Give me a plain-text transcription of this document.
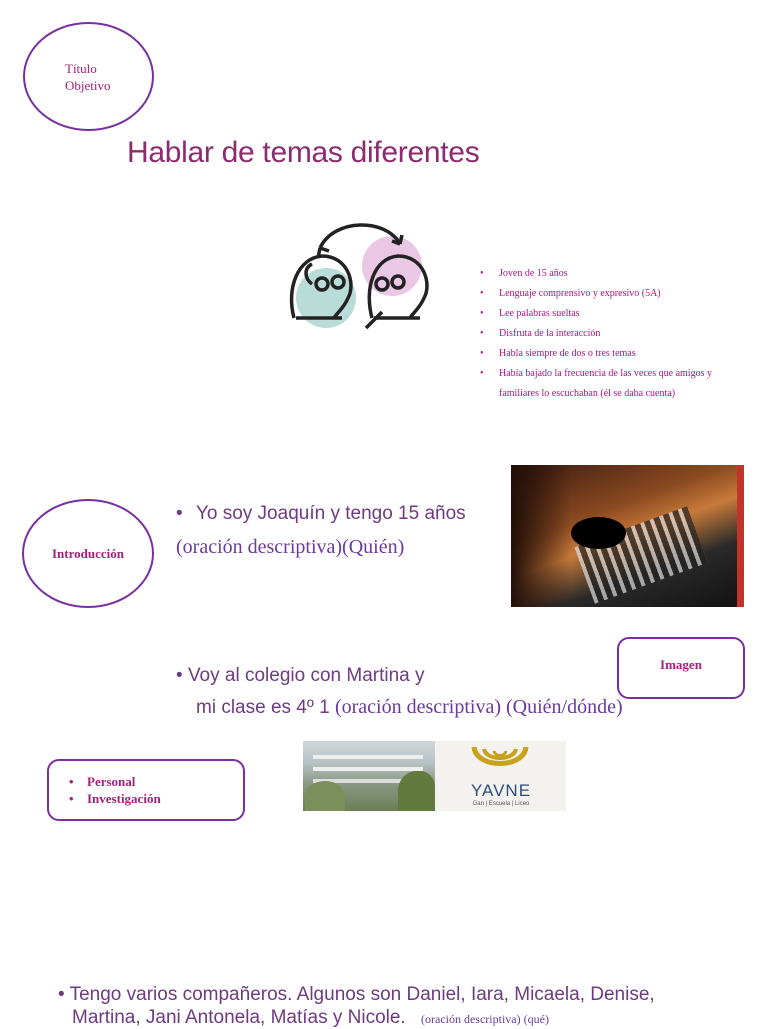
Título
Objetivo
Hablar de temas diferentes
• Joven de 15 años
• Lenguaje comprensivo y expresivo (5A)
• Lee palabras sueltas
• Disfruta de la interacción
• Habla siempre de dos o tres temas
• Había bajado la frecuencia de las veces que amigos y familiares lo escuchaban (él se daba cuenta)
Introducción
• Yo soy Joaquín y tengo 15 años
(oración descriptiva)(Quién)
Imagen
• Voy al colegio con Martina y
mi clase es 4º 1 (oración descriptiva) (Quién/dónde)
• Personal
• Investigación	YAVNE
Gan | Escuela | Liceo
• Tengo varios compañeros. Algunos son Daniel, Iara, Micaela, Denise,
Martina, Jani Antonela, Matías y Nicole. (oración descriptiva) (qué)
